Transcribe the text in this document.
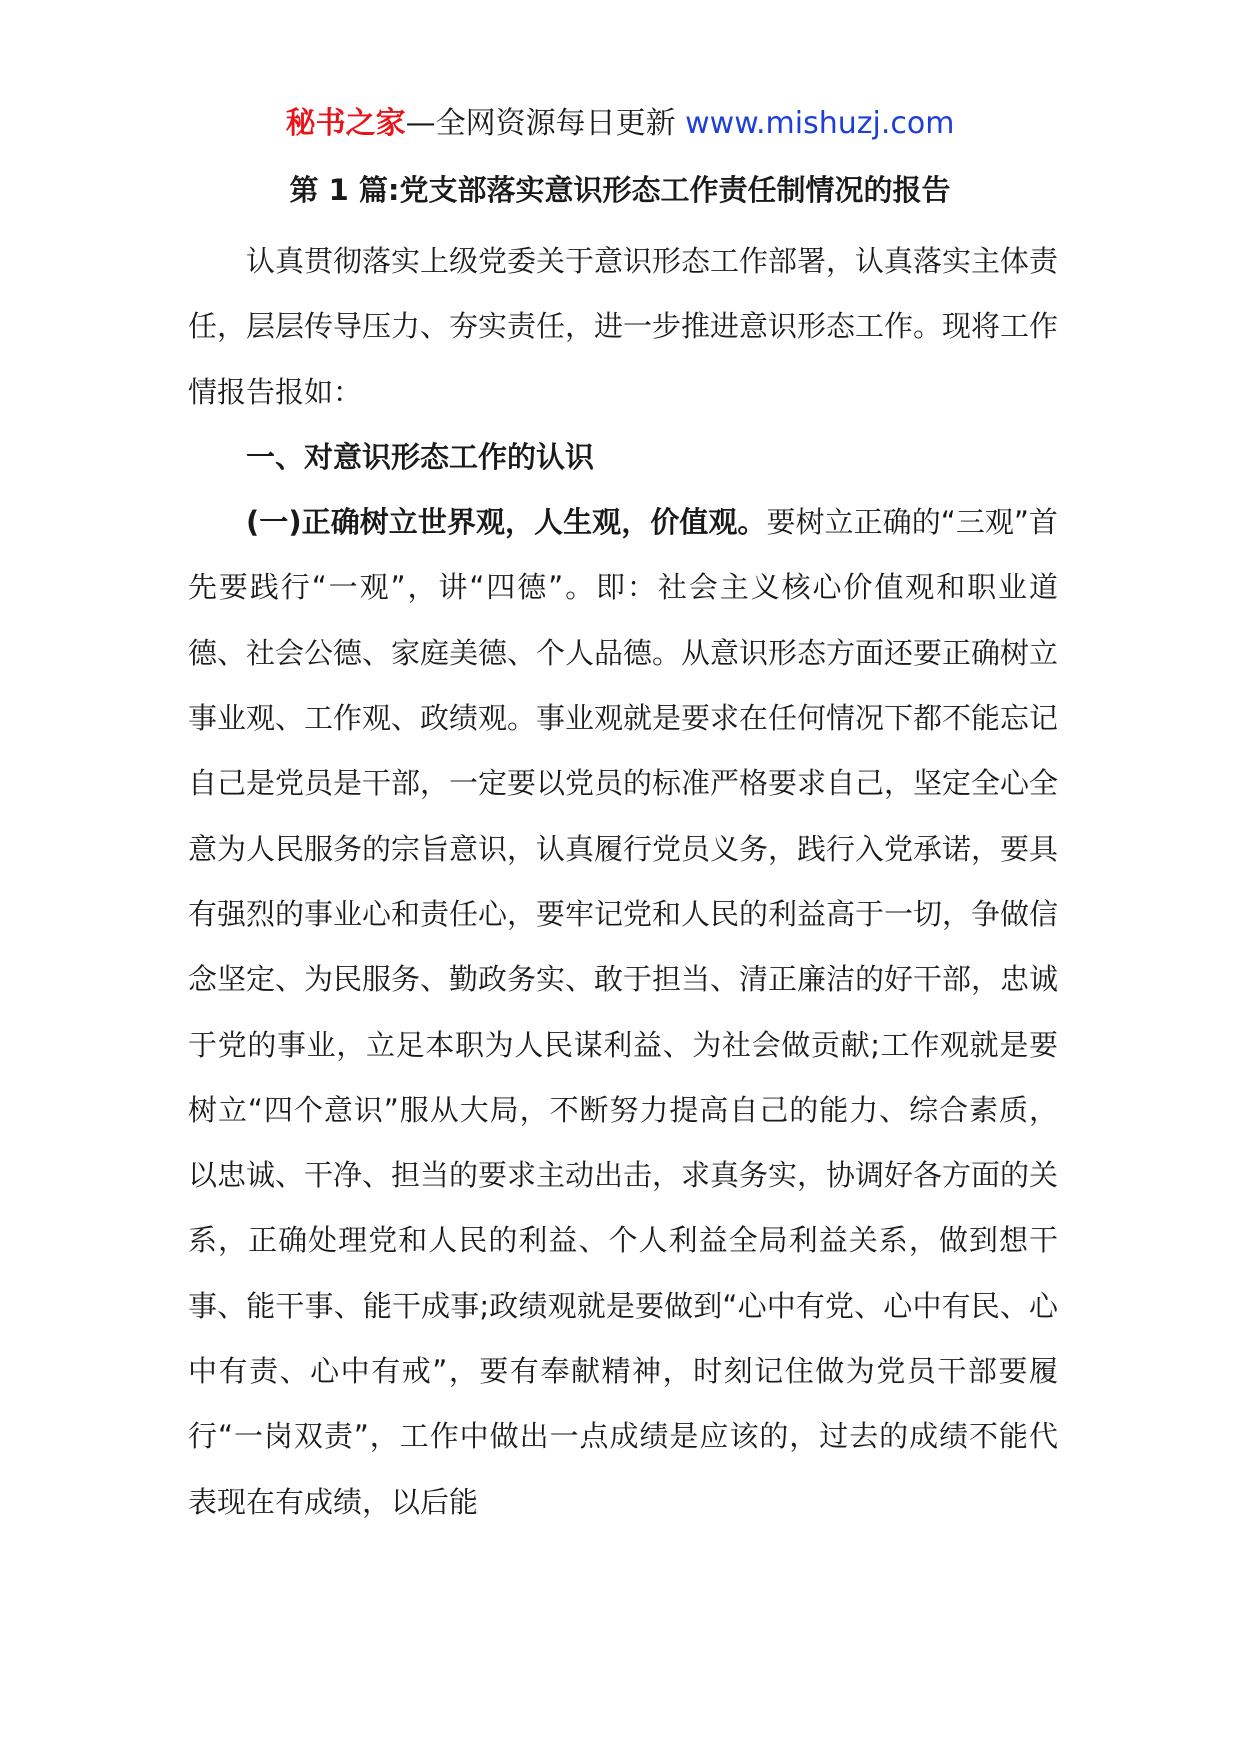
秘书之家—全网资源每日更新 www.mishuzj.com
第 1 篇:党支部落实意识形态工作责任制情况的报告

认真贯彻落实上级党委关于意识形态工作部署，认真落实主体责任，层层传导压力、夯实责任，进一步推进意识形态工作。现将工作情报告报如：

一、对意识形态工作的认识

(一)正确树立世界观，人生观，价值观。要树立正确的“三观”首先要践行“一观”，讲“四德”。即：社会主义核心价值观和职业道德、社会公德、家庭美德、个人品德。从意识形态方面还要正确树立事业观、工作观、政绩观。事业观就是要求在任何情况下都不能忘记自己是党员是干部，一定要以党员的标准严格要求自己，坚定全心全意为人民服务的宗旨意识，认真履行党员义务，践行入党承诺，要具有强烈的事业心和责任心，要牢记党和人民的利益高于一切，争做信念坚定、为民服务、勤政务实、敢于担当、清正廉洁的好干部，忠诚于党的事业，立足本职为人民谋利益、为社会做贡献;工作观就是要树立“四个意识”服从大局，不断努力提高自己的能力、综合素质，以忠诚、干净、担当的要求主动出击，求真务实，协调好各方面的关系，正确处理党和人民的利益、个人利益全局利益关系，做到想干事、能干事、能干成事;政绩观就是要做到“心中有党、心中有民、心中有责、心中有戒”，要有奉献精神，时刻记住做为党员干部要履行“一岗双责”，工作中做出一点成绩是应该的，过去的成绩不能代表现在有成绩，以后能
